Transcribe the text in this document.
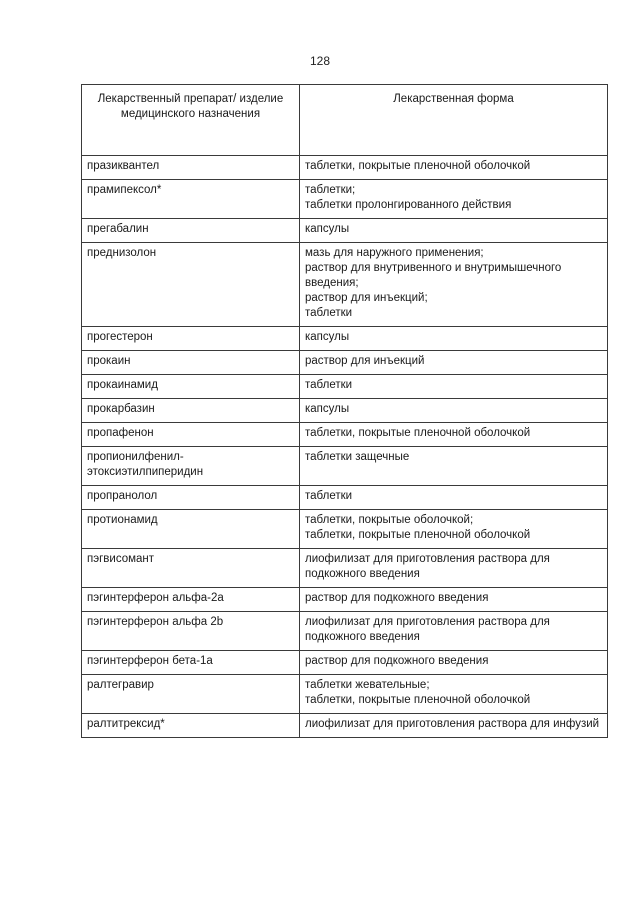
128
Лекарственный препарат/ изделие медицинского назначения	Лекарственная форма
празиквантел	таблетки, покрытые пленочной оболочкой

прамипексол*	таблетки;
таблетки пролонгированного действия

прегабалин	капсулы

преднизолон	мазь для наружного применения;
раствор для внутривенного и внутримышечного введения;
раствор для инъекций;
таблетки

прогестерон	капсулы

прокаин	раствор для инъекций

прокаинамид	таблетки

прокарбазин	капсулы

пропафенон	таблетки, покрытые пленочной оболочкой

пропионилфенил-этоксиэтилпиперидин	таблетки защечные

пропранолол	таблетки

протионамид	таблетки, покрытые оболочкой;
таблетки, покрытые пленочной оболочкой

пэгвисомант	лиофилизат для приготовления раствора для подкожного введения

пэгинтерферон альфа-2а	раствор для подкожного введения

пэгинтерферон альфа 2b	лиофилизат для приготовления раствора для подкожного введения

пэгинтерферон бета-1а	раствор для подкожного введения

ралтегравир	таблетки жевательные;
таблетки, покрытые пленочной оболочкой

ралтитрексид*	лиофилизат для приготовления раствора для инфузий
